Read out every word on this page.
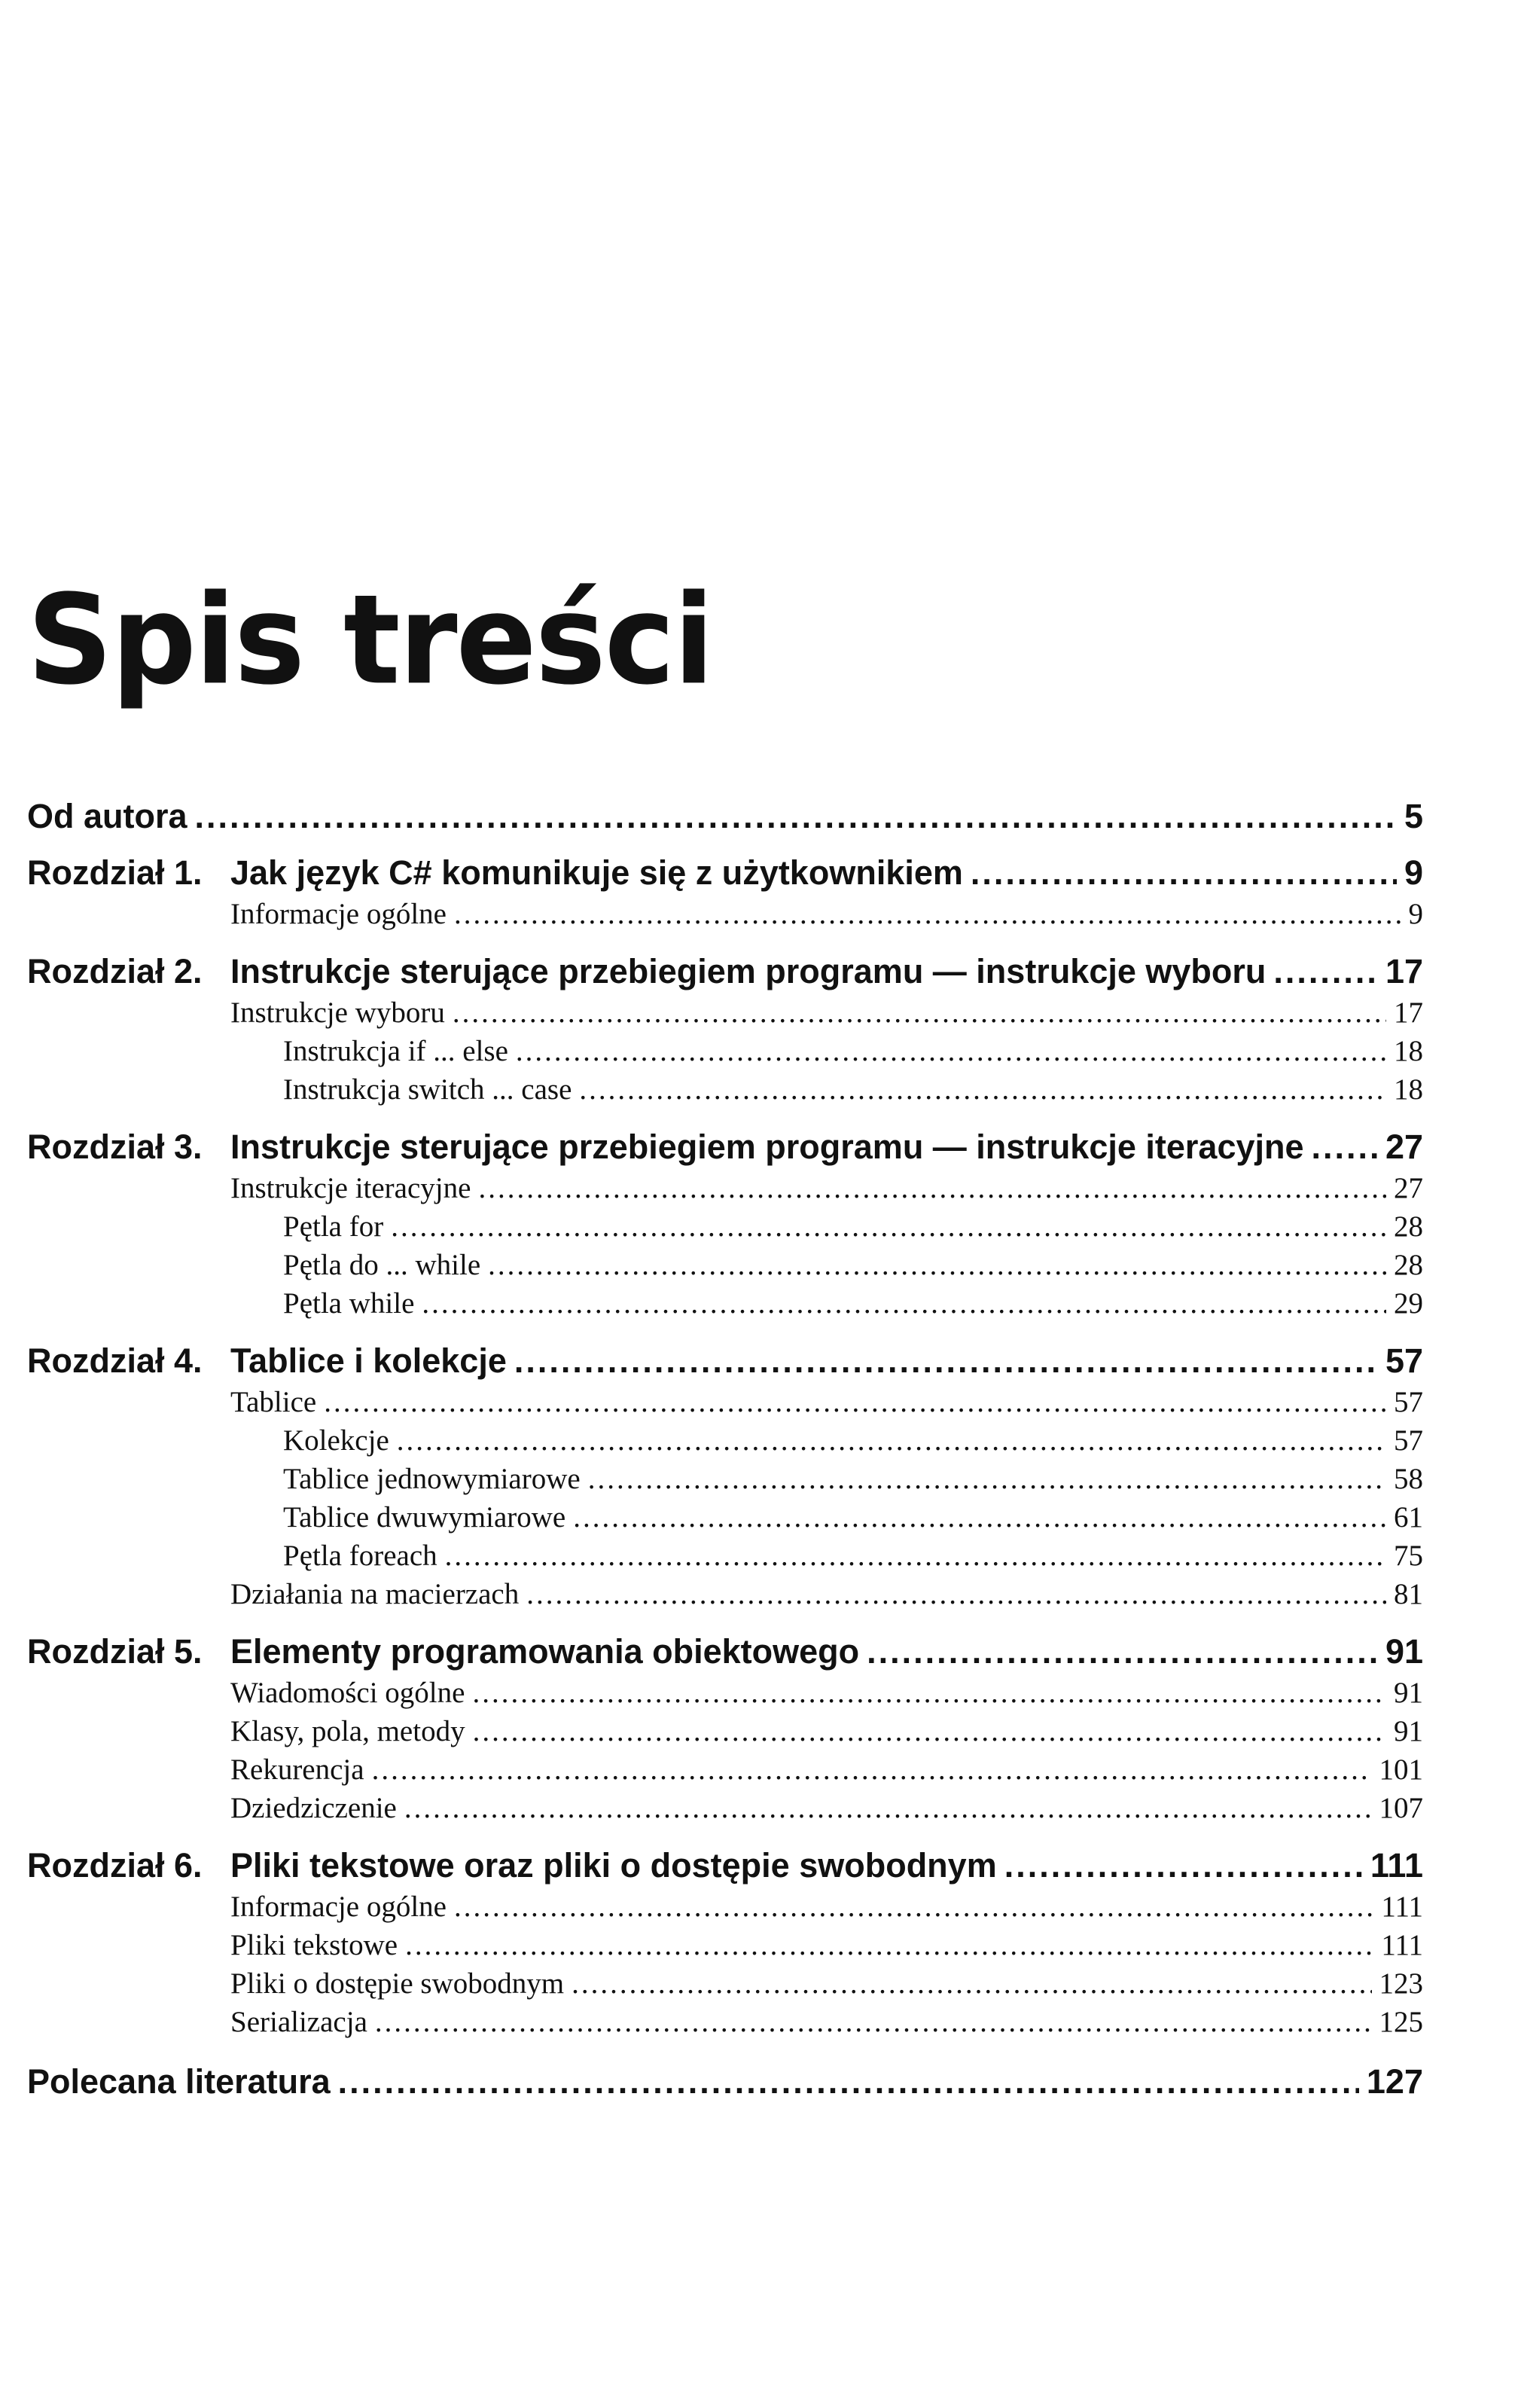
Spis treści
Od autora .....	5
Rozdział 1. Jak język C# komunikuje się z użytkownikiem .....	9
Informacje ogólne .....	9
Rozdział 2. Instrukcje sterujące przebiegiem programu — instrukcje wyboru .....	17
Instrukcje wyboru .....	17
Instrukcja if ... else .....	18
Instrukcja switch ... case .....	18
Rozdział 3. Instrukcje sterujące przebiegiem programu — instrukcje iteracyjne ..... 27
Instrukcje iteracyjne .....	27
Pętla for .....	28
Pętla do ... while .....	28
Pętla while .....	29
Rozdział 4. Tablice i kolekcje .....	57
Tablice .....	57
Kolekcje .....	57
Tablice jednowymiarowe .....	58
Tablice dwuwymiarowe .....	61
Pętla foreach .....	75
Działania na macierzach .....	81
Rozdział 5. Elementy programowania obiektowego .....	91
Wiadomości ogólne .....	91
Klasy, pola, metody .....	91
Rekurencja .....	101
Dziedziczenie .....	107
Rozdział 6. Pliki tekstowe oraz pliki o dostępie swobodnym .....	111
Informacje ogólne .....	111
Pliki tekstowe .....	111
Pliki o dostępie swobodnym .....	123
Serializacja .....	125
Polecana literatura .....	127
